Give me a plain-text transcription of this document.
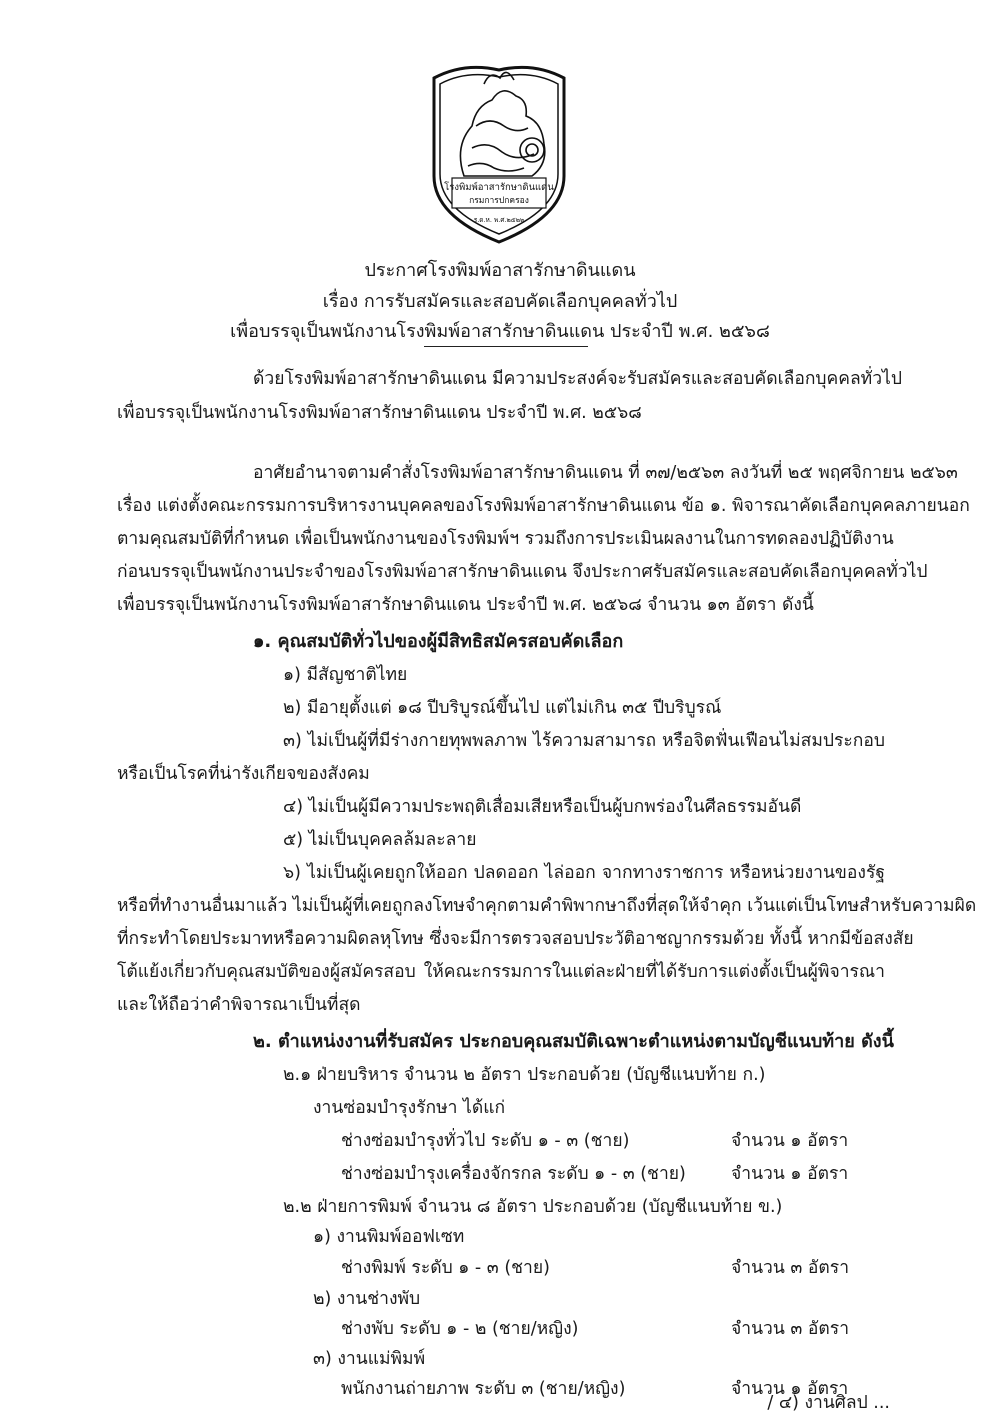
โรงพิมพ์อาสารักษาดินแดน
กรมการปกครอง
ร.ด.ห. พ.ศ.๒๕๒๒
ประกาศโรงพิมพ์อาสารักษาดินแดน
เรื่อง การรับสมัครและสอบคัดเลือกบุคคลทั่วไป
เพื่อบรรจุเป็นพนักงานโรงพิมพ์อาสารักษาดินแดน ประจำปี พ.ศ. ๒๕๖๘
ด้วยโรงพิมพ์อาสารักษาดินแดน มีความประสงค์จะรับสมัครและสอบคัดเลือกบุคคลทั่วไป
เพื่อบรรจุเป็นพนักงานโรงพิมพ์อาสารักษาดินแดน ประจำปี พ.ศ. ๒๕๖๘
อาศัยอำนาจตามคำสั่งโรงพิมพ์อาสารักษาดินแดน ที่ ๓๗/๒๕๖๓ ลงวันที่ ๒๕ พฤศจิกายน ๒๕๖๓
เรื่อง แต่งตั้งคณะกรรมการบริหารงานบุคคลของโรงพิมพ์อาสารักษาดินแดน ข้อ ๑. พิจารณาคัดเลือกบุคคลภายนอก
ตามคุณสมบัติที่กำหนด เพื่อเป็นพนักงานของโรงพิมพ์ฯ รวมถึงการประเมินผลงานในการทดลองปฏิบัติงาน
ก่อนบรรจุเป็นพนักงานประจำของโรงพิมพ์อาสารักษาดินแดน จึงประกาศรับสมัครและสอบคัดเลือกบุคคลทั่วไป
เพื่อบรรจุเป็นพนักงานโรงพิมพ์อาสารักษาดินแดน ประจำปี พ.ศ. ๒๕๖๘ จำนวน ๑๓ อัตรา ดังนี้
๑. คุณสมบัติทั่วไปของผู้มีสิทธิสมัครสอบคัดเลือก
๑) มีสัญชาติไทย
๒) มีอายุตั้งแต่ ๑๘ ปีบริบูรณ์ขึ้นไป แต่ไม่เกิน ๓๕ ปีบริบูรณ์
๓) ไม่เป็นผู้ที่มีร่างกายทุพพลภาพ ไร้ความสามารถ หรือจิตฟั่นเฟือนไม่สมประกอบ
หรือเป็นโรคที่น่ารังเกียจของสังคม
๔) ไม่เป็นผู้มีความประพฤติเสื่อมเสียหรือเป็นผู้บกพร่องในศีลธรรมอันดี
๕) ไม่เป็นบุคคลล้มละลาย
๖) ไม่เป็นผู้เคยถูกให้ออก ปลดออก ไล่ออก จากทางราชการ หรือหน่วยงานของรัฐ
หรือที่ทำงานอื่นมาแล้ว ไม่เป็นผู้ที่เคยถูกลงโทษจำคุกตามคำพิพากษาถึงที่สุดให้จำคุก เว้นแต่เป็นโทษสำหรับความผิด
ที่กระทำโดยประมาทหรือความผิดลหุโทษ ซึ่งจะมีการตรวจสอบประวัติอาชญากรรมด้วย ทั้งนี้ หากมีข้อสงสัย
โต้แย้งเกี่ยวกับคุณสมบัติของผู้สมัครสอบ ให้คณะกรรมการในแต่ละฝ่ายที่ได้รับการแต่งตั้งเป็นผู้พิจารณา
และให้ถือว่าคำพิจารณาเป็นที่สุด
๒. ตำแหน่งงานที่รับสมัคร ประกอบคุณสมบัติเฉพาะตำแหน่งตามบัญชีแนบท้าย ดังนี้
๒.๑ ฝ่ายบริหาร จำนวน ๒ อัตรา ประกอบด้วย (บัญชีแนบท้าย ก.)
งานซ่อมบำรุงรักษา ได้แก่
ช่างซ่อมบำรุงทั่วไป ระดับ ๑ - ๓ (ชาย)	จำนวน ๑ อัตรา
ช่างซ่อมบำรุงเครื่องจักรกล ระดับ ๑ - ๓ (ชาย)	จำนวน ๑ อัตรา
๒.๒ ฝ่ายการพิมพ์ จำนวน ๘ อัตรา ประกอบด้วย (บัญชีแนบท้าย ข.)
๑) งานพิมพ์ออฟเซท
ช่างพิมพ์ ระดับ ๑ - ๓ (ชาย)	จำนวน ๓ อัตรา
๒) งานช่างพับ
ช่างพับ ระดับ ๑ - ๒ (ชาย/หญิง)	จำนวน ๓ อัตรา
๓) งานแม่พิมพ์
พนักงานถ่ายภาพ ระดับ ๓ (ชาย/หญิง)	จำนวน ๑ อัตรา
/ ๔) งานศิลป ...
